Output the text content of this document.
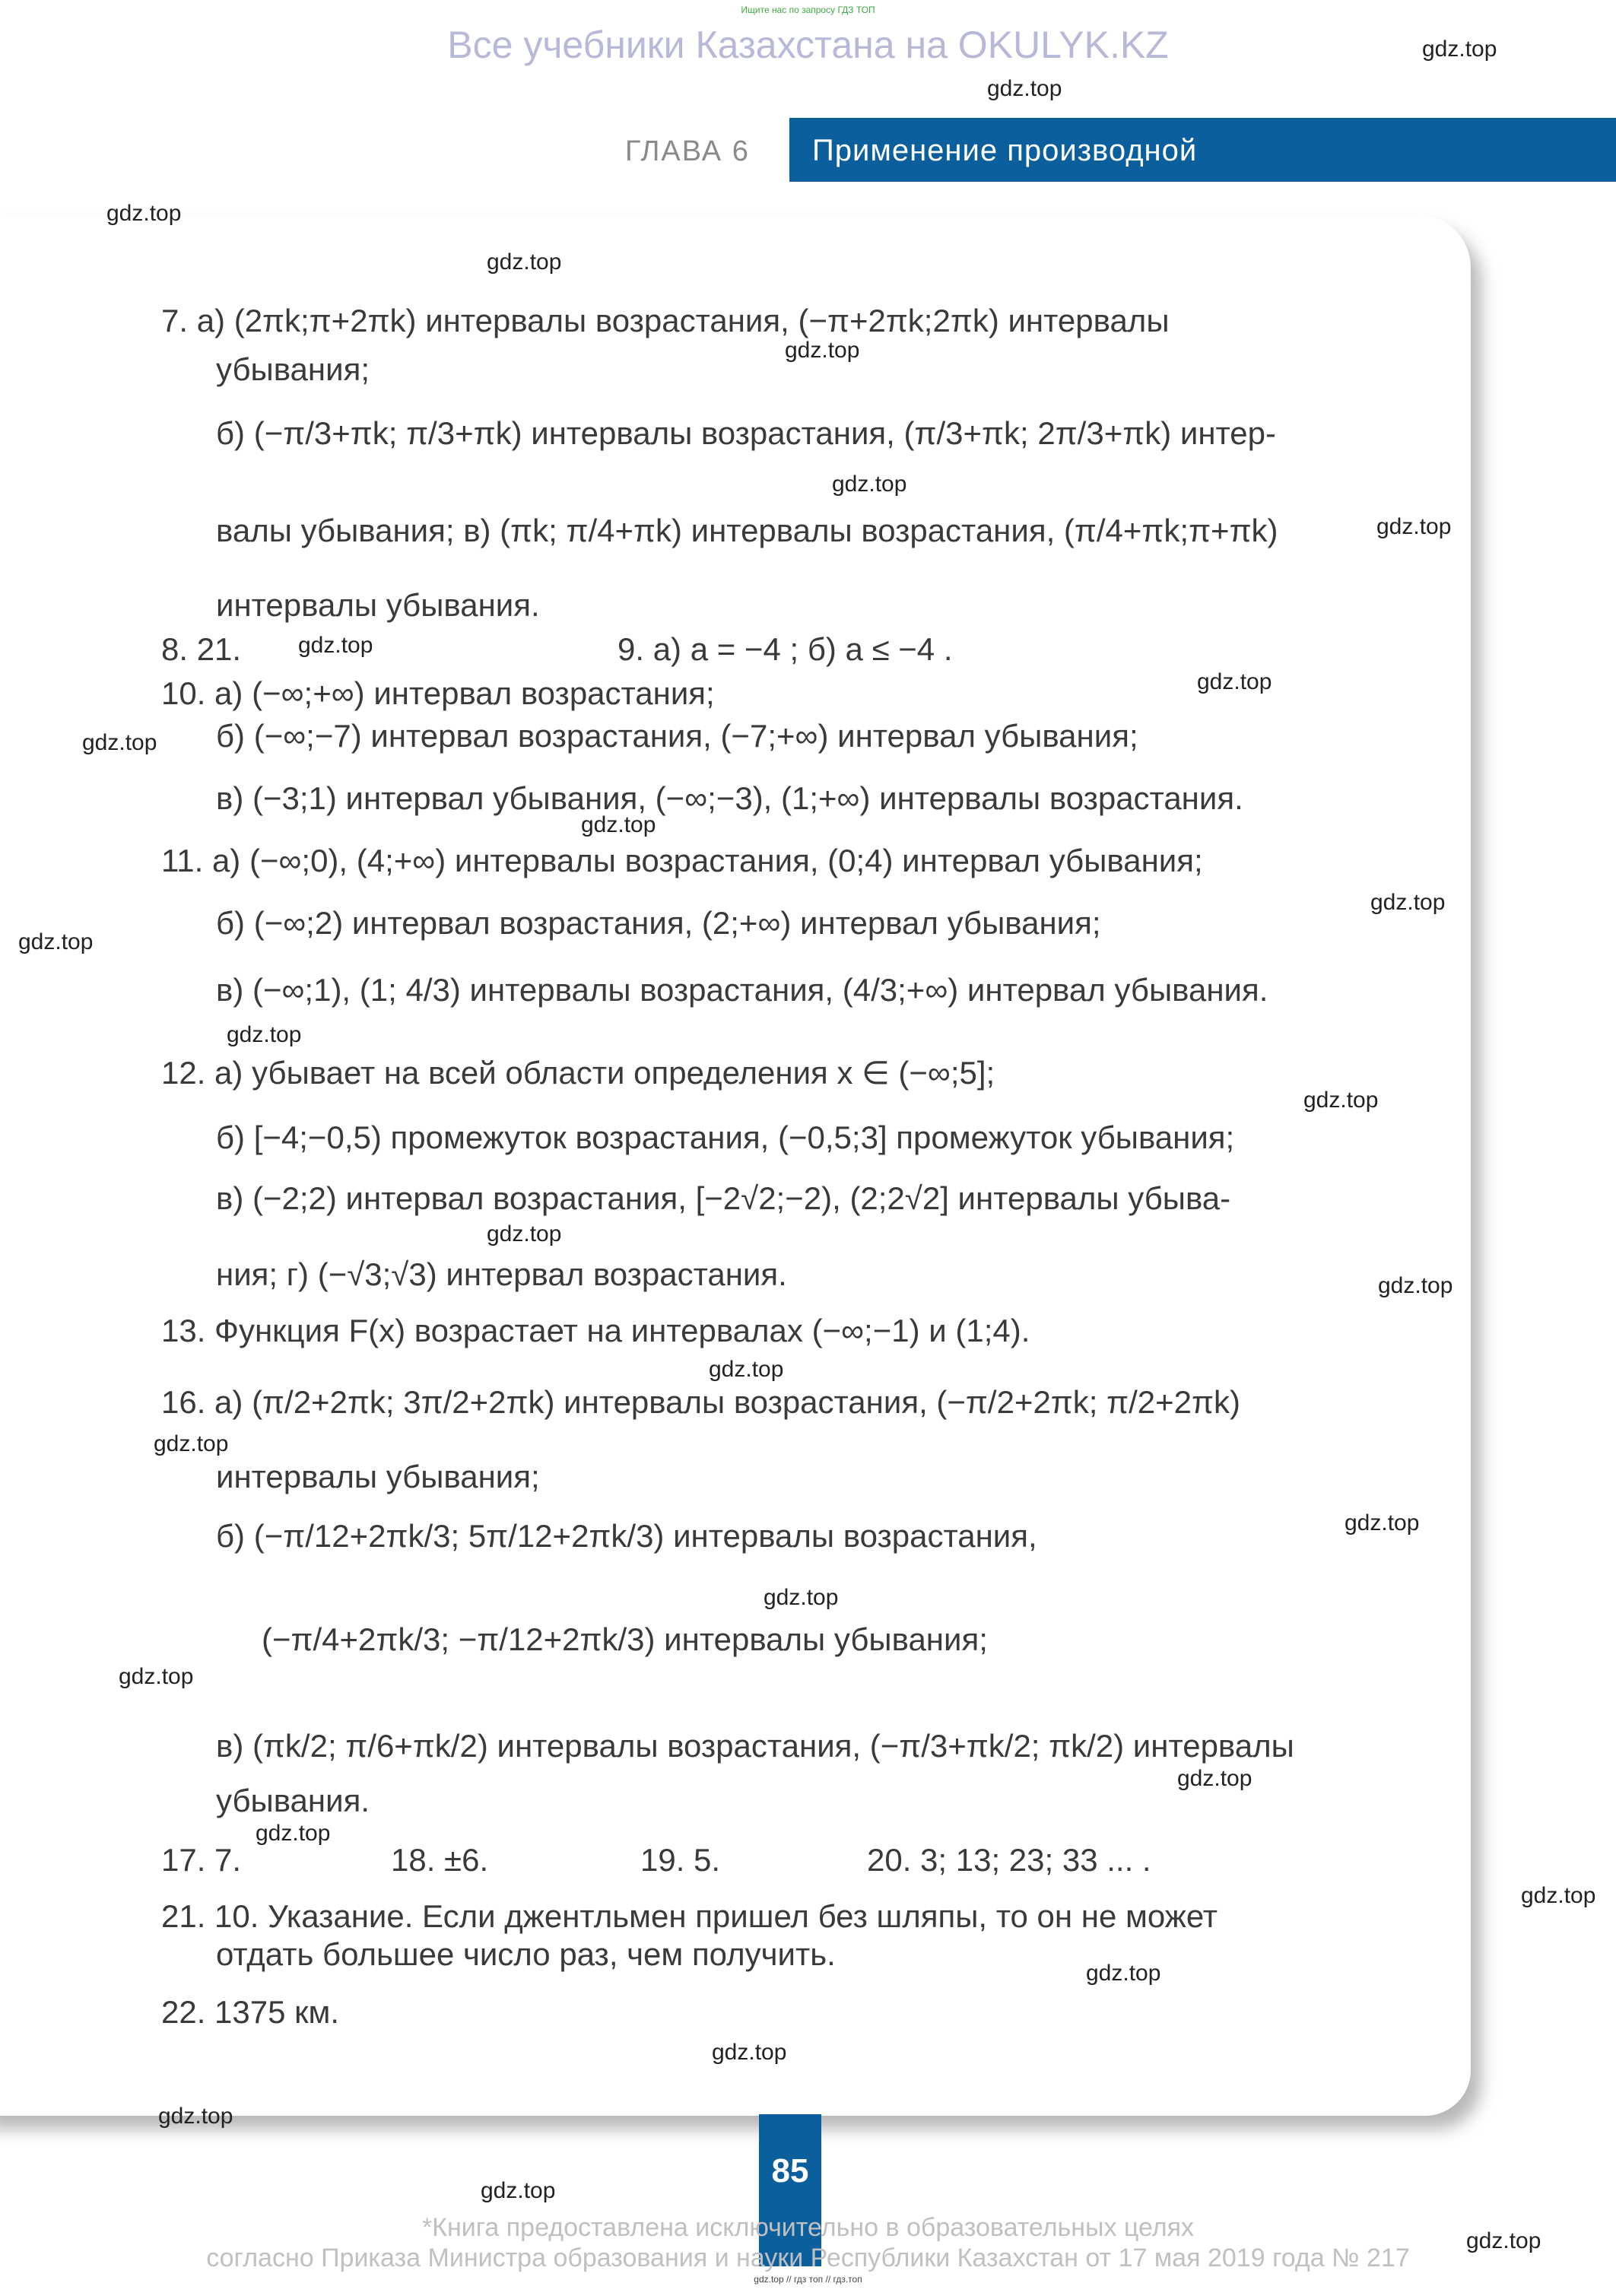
Ищите нас по запросу ГДЗ ТОП
Все учебники Казахстана на OKULYK.KZ
ГЛАВА 6 Применение производной
7. а) (2πk;π+2πk) интервалы возрастания, (−π+2πk;2πk) интервалы
убывания;
б) (−π/3+πk; π/3+πk) интервалы возрастания, (π/3+πk; 2π/3+πk) интер-
валы убывания; в) (πk; π/4+πk) интервалы возрастания, (π/4+πk;π+πk)
интервалы убывания.
8. 21.	9. а) a = −4 ; б) a ≤ −4 .
10. а) (−∞;+∞) интервал возрастания;
б) (−∞;−7) интервал возрастания, (−7;+∞) интервал убывания;
в) (−3;1) интервал убывания, (−∞;−3), (1;+∞) интервалы возрастания.
11. а) (−∞;0), (4;+∞) интервалы возрастания, (0;4) интервал убывания;
б) (−∞;2) интервал возрастания, (2;+∞) интервал убывания;
в) (−∞;1), (1; 4/3) интервалы возрастания, (4/3;+∞) интервал убывания.
12. а) убывает на всей области определения x ∈ (−∞;5];
б) [−4;−0,5) промежуток возрастания, (−0,5;3] промежуток убывания;
в) (−2;2) интервал возрастания, [−2√2;−2), (2;2√2] интервалы убыва-
ния; г) (−√3;√3) интервал возрастания.
13. Функция F(x) возрастает на интервалах (−∞;−1) и (1;4).
16. а) (π/2+2πk; 3π/2+2πk) интервалы возрастания, (−π/2+2πk; π/2+2πk)
интервалы убывания;
б) (−π/12+2πk/3; 5π/12+2πk/3) интервалы возрастания,
(−π/4+2πk/3; −π/12+2πk/3) интервалы убывания;
в) (πk/2; π/6+πk/2) интервалы возрастания, (−π/3+πk/2; πk/2) интервалы
убывания.
17. 7.	18. ±6.	19. 5.	20. 3; 13; 23; 33 ... .
21. 10. Указание. Если джентльмен пришел без шляпы, то он не может
отдать большее число раз, чем получить.
22. 1375 км.
gdz.top
gdz.top
gdz.top
gdz.top
gdz.top
gdz.top
gdz.top
gdz.top
gdz.top
gdz.top
gdz.top
gdz.top
gdz.top
gdz.top
gdz.top
gdz.top
gdz.top
gdz.top
gdz.top
gdz.top
gdz.top
gdz.top
gdz.top
gdz.top
gdz.top
gdz.top
gdz.top
gdz.top
gdz.top
gdz.top
85
*Книга предоставлена исключительно в образовательных целях
согласно Приказа Министра образования и науки Республики Казахстан от 17 мая 2019 года № 217
gdz.top // гдз топ // гдз.топ
